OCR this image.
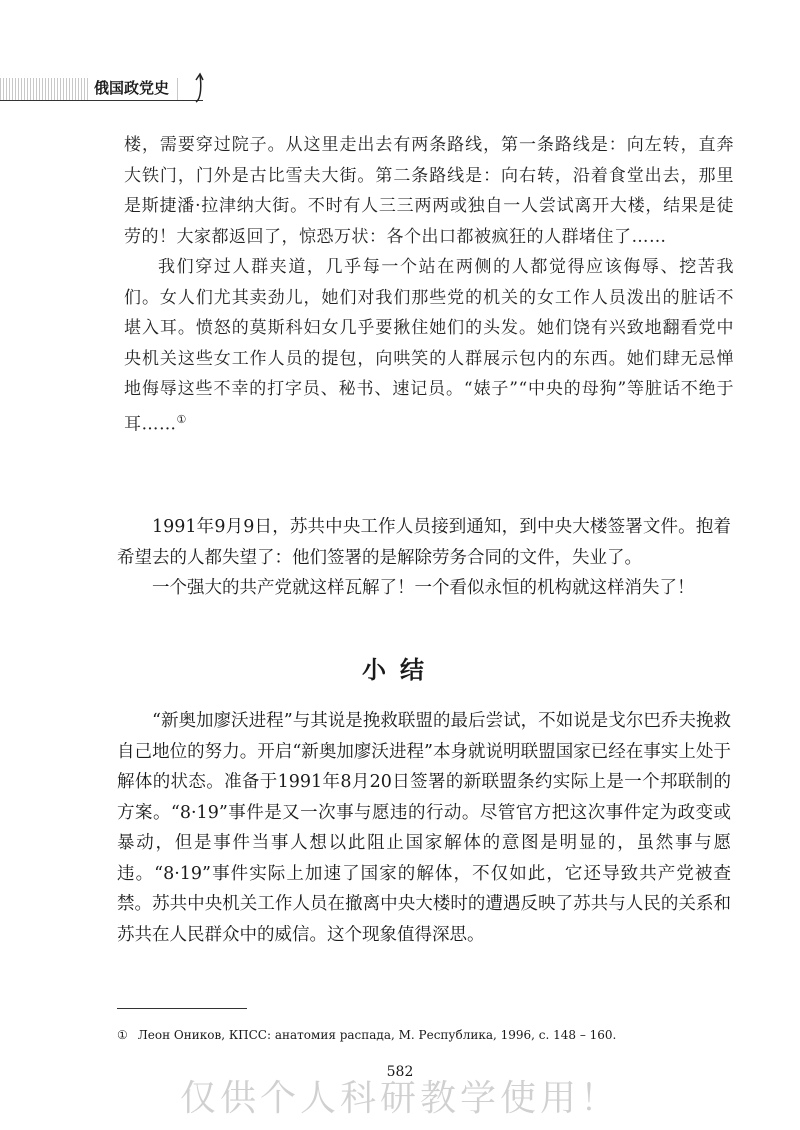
俄国政党史

楼，需要穿过院子。从这里走出去有两条路线，第一条路线是：向左转，直奔大铁门，门外是古比雪夫大街。第二条路线是：向右转，沿着食堂出去，那里是斯捷潘·拉津纳大街。不时有人三三两两或独自一人尝试离开大楼，结果是徒劳的！大家都返回了，惊恐万状：各个出口都被疯狂的人群堵住了……

我们穿过人群夹道，几乎每一个站在两侧的人都觉得应该侮辱、挖苦我们。女人们尤其卖劲儿，她们对我们那些党的机关的女工作人员泼出的脏话不堪入耳。愤怒的莫斯科妇女几乎要揪住她们的头发。她们饶有兴致地翻看党中央机关这些女工作人员的提包，向哄笑的人群展示包内的东西。她们肆无忌惮地侮辱这些不幸的打字员、秘书、速记员。“婊子”“中央的母狗”等脏话不绝于耳……①

1991年9月9日，苏共中央工作人员接到通知，到中央大楼签署文件。抱着希望去的人都失望了：他们签署的是解除劳务合同的文件，失业了。

一个强大的共产党就这样瓦解了！一个看似永恒的机构就这样消失了！

小结

“新奥加廖沃进程”与其说是挽救联盟的最后尝试，不如说是戈尔巴乔夫挽救自己地位的努力。开启“新奥加廖沃进程”本身就说明联盟国家已经在事实上处于解体的状态。准备于1991年8月20日签署的新联盟条约实际上是一个邦联制的方案。“8·19”事件是又一次事与愿违的行动。尽管官方把这次事件定为政变或暴动，但是事件当事人想以此阻止国家解体的意图是明显的，虽然事与愿违。“8·19”事件实际上加速了国家的解体，不仅如此，它还导致共产党被查禁。苏共中央机关工作人员在撤离中央大楼时的遭遇反映了苏共与人民的关系和苏共在人民群众中的威信。这个现象值得深思。

① Леон Оников, КПСС: анатомия распада, М. Республика, 1996, с. 148 – 160.
582
仅供个人科研教学使用！
